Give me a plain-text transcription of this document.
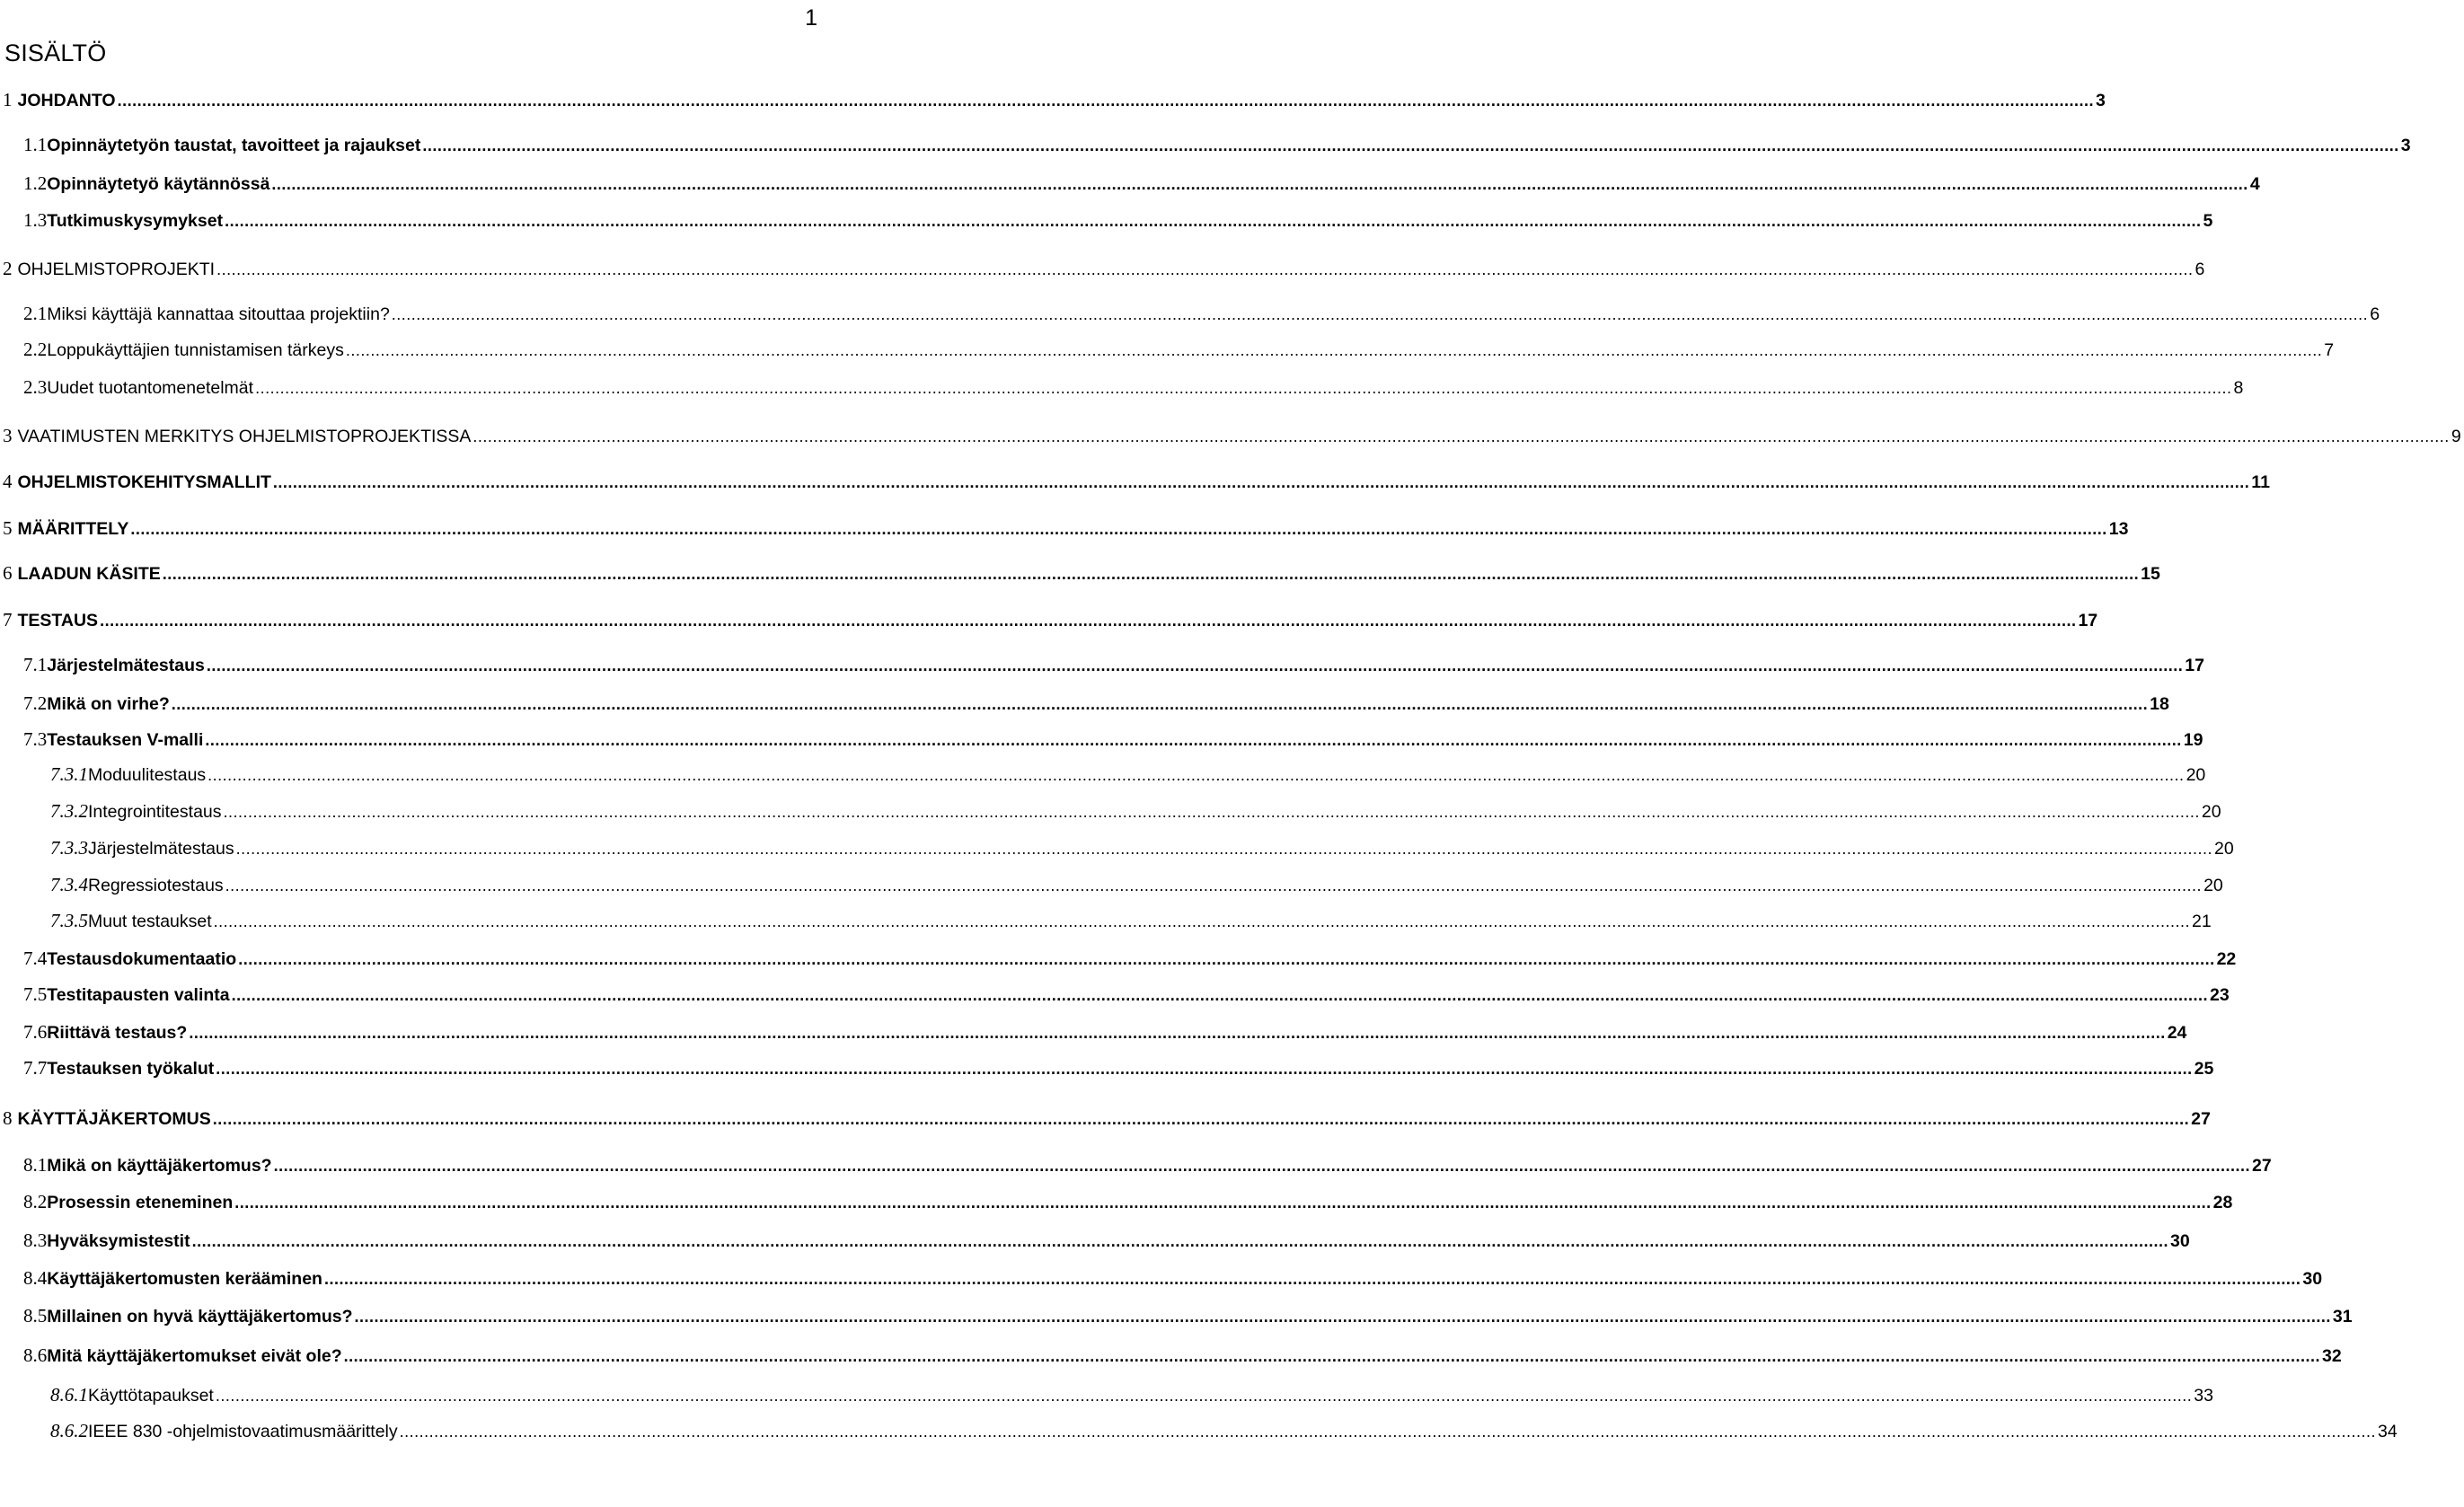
1
SISÄLTÖ
1 JOHDANTO ................................................................................................................................................................................................................................................................................................................................................................................................................ 3
1.1 Opinnäytetyön taustat, tavoitteet ja rajaukset ................................................................................................................................................................................................................................................................................................................................................................................................................ 3
1.2 Opinnäytetyö käytännössä ................................................................................................................................................................................................................................................................................................................................................................................................................ 4
1.3 Tutkimuskysymykset ................................................................................................................................................................................................................................................................................................................................................................................................................ 5
2 OHJELMISTOPROJEKTI ................................................................................................................................................................................................................................................................................................................................................................................................................ 6
2.1 Miksi käyttäjä kannattaa sitouttaa projektiin? ................................................................................................................................................................................................................................................................................................................................................................................................................ 6
2.2 Loppukäyttäjien tunnistamisen tärkeys ................................................................................................................................................................................................................................................................................................................................................................................................................ 7
2.3 Uudet tuotantomenetelmät ................................................................................................................................................................................................................................................................................................................................................................................................................ 8
3 VAATIMUSTEN MERKITYS OHJELMISTOPROJEKTISSA ................................................................................................................................................................................................................................................................................................................................................................................................................ 9
4 OHJELMISTOKEHITYSMALLIT ................................................................................................................................................................................................................................................................................................................................................................................................................ 11
5 MÄÄRITTELY ................................................................................................................................................................................................................................................................................................................................................................................................................ 13
6 LAADUN KÄSITE ................................................................................................................................................................................................................................................................................................................................................................................................................ 15
7 TESTAUS ................................................................................................................................................................................................................................................................................................................................................................................................................ 17
7.1 Järjestelmätestaus ................................................................................................................................................................................................................................................................................................................................................................................................................ 17
7.2 Mikä on virhe? ................................................................................................................................................................................................................................................................................................................................................................................................................ 18
7.3 Testauksen V-malli ................................................................................................................................................................................................................................................................................................................................................................................................................ 19
7.3.1 Moduulitestaus ................................................................................................................................................................................................................................................................................................................................................................................................................ 20
7.3.2 Integrointitestaus ................................................................................................................................................................................................................................................................................................................................................................................................................ 20
7.3.3 Järjestelmätestaus ................................................................................................................................................................................................................................................................................................................................................................................................................ 20
7.3.4 Regressiotestaus ................................................................................................................................................................................................................................................................................................................................................................................................................ 20
7.3.5 Muut testaukset ................................................................................................................................................................................................................................................................................................................................................................................................................ 21
7.4 Testausdokumentaatio ................................................................................................................................................................................................................................................................................................................................................................................................................ 22
7.5 Testitapausten valinta ................................................................................................................................................................................................................................................................................................................................................................................................................ 23
7.6 Riittävä testaus? ................................................................................................................................................................................................................................................................................................................................................................................................................ 24
7.7 Testauksen työkalut ................................................................................................................................................................................................................................................................................................................................................................................................................ 25
8 KÄYTTÄJÄKERTOMUS ................................................................................................................................................................................................................................................................................................................................................................................................................ 27
8.1 Mikä on käyttäjäkertomus? ................................................................................................................................................................................................................................................................................................................................................................................................................ 27
8.2 Prosessin eteneminen ................................................................................................................................................................................................................................................................................................................................................................................................................ 28
8.3 Hyväksymistestit ................................................................................................................................................................................................................................................................................................................................................................................................................ 30
8.4 Käyttäjäkertomusten kerääminen ................................................................................................................................................................................................................................................................................................................................................................................................................ 30
8.5 Millainen on hyvä käyttäjäkertomus? ................................................................................................................................................................................................................................................................................................................................................................................................................ 31
8.6 Mitä käyttäjäkertomukset eivät ole? ................................................................................................................................................................................................................................................................................................................................................................................................................ 32
8.6.1 Käyttötapaukset ................................................................................................................................................................................................................................................................................................................................................................................................................ 33
8.6.2 IEEE 830 -ohjelmistovaatimusmäärittely ................................................................................................................................................................................................................................................................................................................................................................................................................ 34
